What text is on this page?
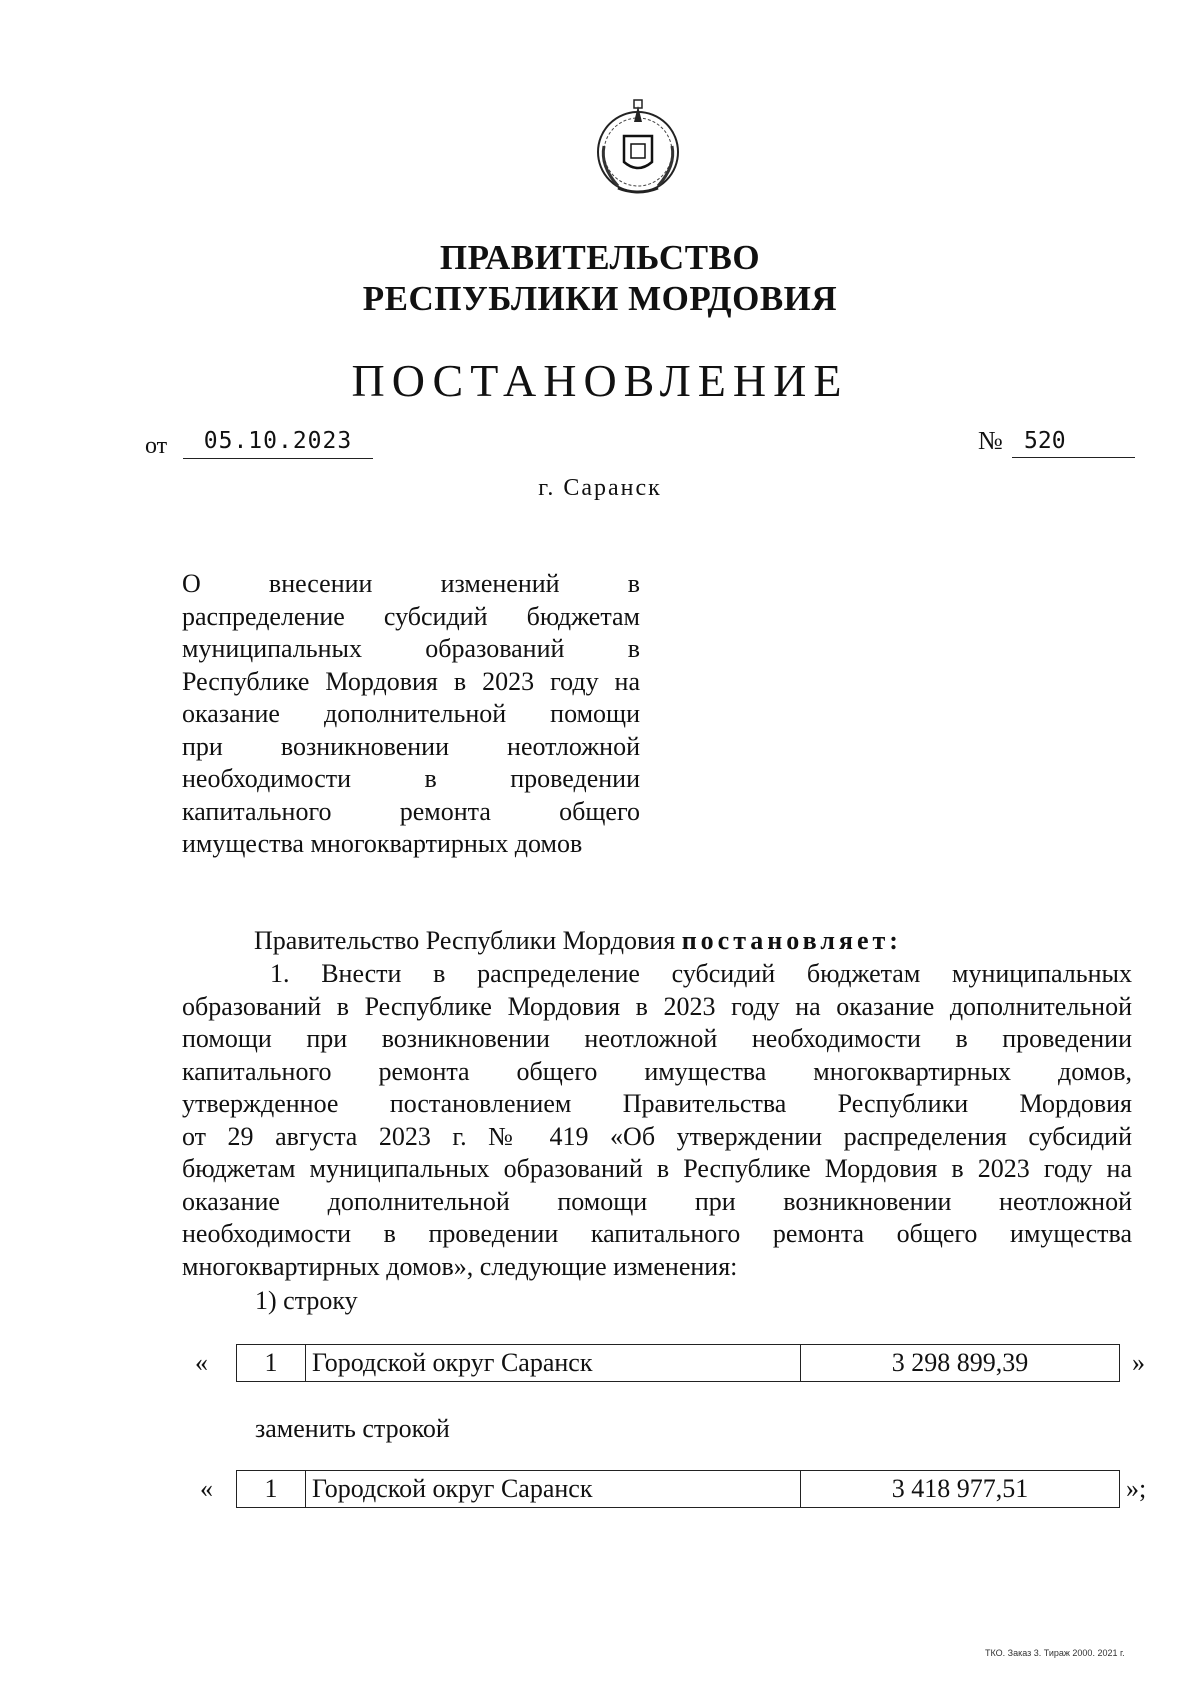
ПРАВИТЕЛЬСТВО
РЕСПУБЛИКИ МОРДОВИЯ
ПОСТАНОВЛЕНИЕ
от	05.10.2023	№ 520
г. Саранск
О внесении изменений в
распределение субсидий бюджетам
муниципальных образований в
Республике Мордовия в 2023 году на
оказание дополнительной помощи
при возникновении неотложной
необходимости в проведении
капитального ремонта общего
имущества многоквартирных домов
Правительство Республики Мордовия постановляет:
1. Внести в распределение субсидий бюджетам муниципальных
образований в Республике Мордовия в 2023 году на оказание дополнительной
помощи при возникновении неотложной необходимости в проведении
капитального ремонта общего имущества многоквартирных домов,
утвержденное постановлением Правительства Республики Мордовия
от 29 августа 2023 г. № 419 «Об утверждении распределения субсидий
бюджетам муниципальных образований в Республике Мордовия в 2023 году на
оказание дополнительной помощи при возникновении неотложной
необходимости в проведении капитального ремонта общего имущества
многоквартирных домов», следующие изменения:
1) строку
«	1	Городской округ Саранск	3 298 899,39	»
заменить строкой
«	1	Городской округ Саранск	3 418 977,51	»;
ТКО. Заказ 3. Тираж 2000. 2021 г.
